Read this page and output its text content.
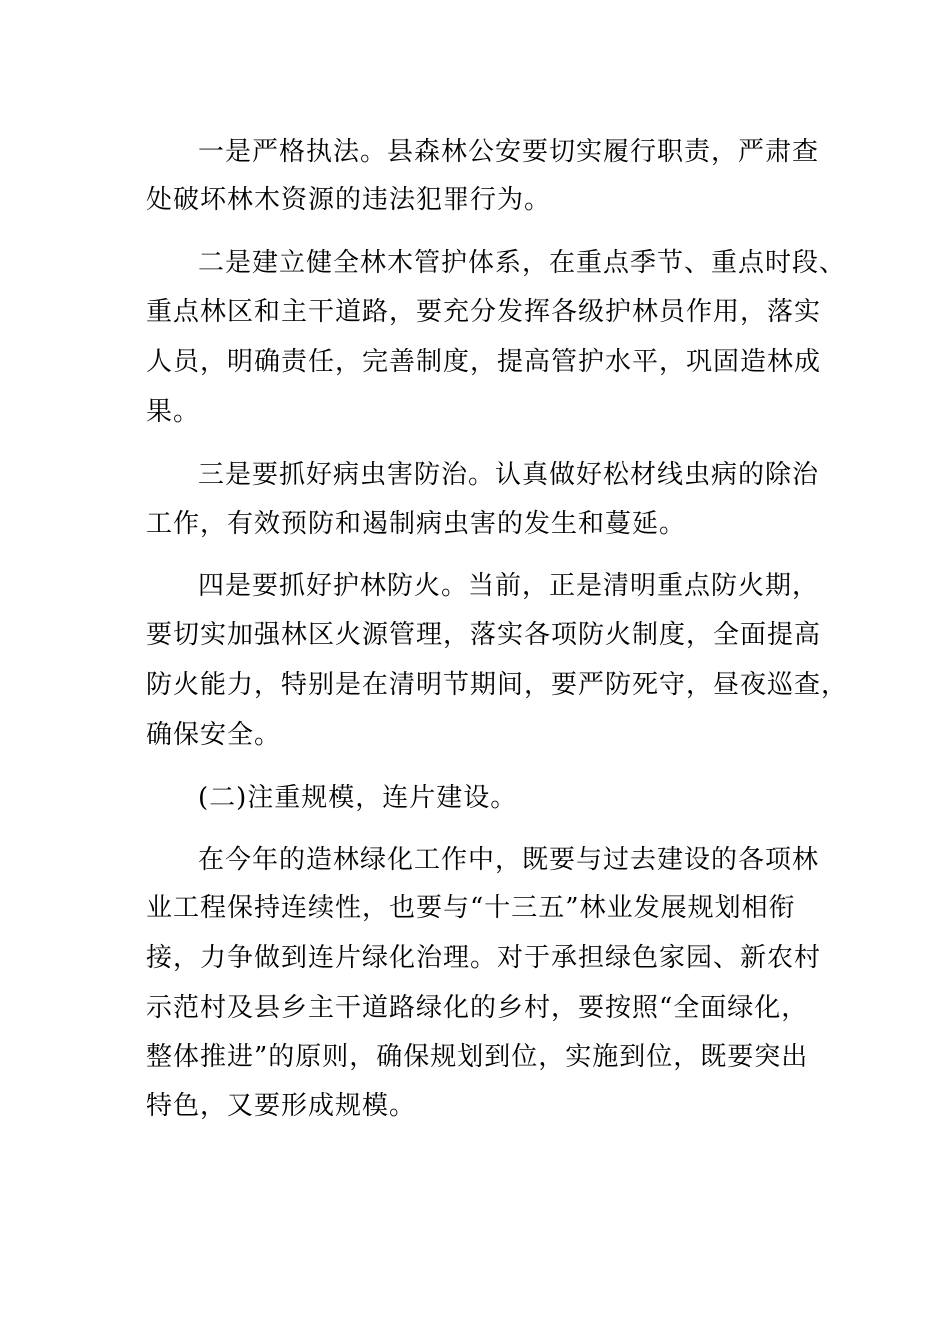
一是严格执法。县森林公安要切实履行职责，严肃查
处破坏林木资源的违法犯罪行为。
二是建立健全林木管护体系，在重点季节、重点时段、
重点林区和主干道路，要充分发挥各级护林员作用，落实
人员，明确责任，完善制度，提高管护水平，巩固造林成
果。
三是要抓好病虫害防治。认真做好松材线虫病的除治
工作，有效预防和遏制病虫害的发生和蔓延。
四是要抓好护林防火。当前，正是清明重点防火期，
要切实加强林区火源管理，落实各项防火制度，全面提高
防火能力，特别是在清明节期间，要严防死守，昼夜巡查，
确保安全。
(二)注重规模，连片建设。
在今年的造林绿化工作中，既要与过去建设的各项林
业工程保持连续性，也要与“十三五”林业发展规划相衔
接，力争做到连片绿化治理。对于承担绿色家园、新农村
示范村及县乡主干道路绿化的乡村，要按照“全面绿化，
整体推进”的原则，确保规划到位，实施到位，既要突出
特色，又要形成规模。
